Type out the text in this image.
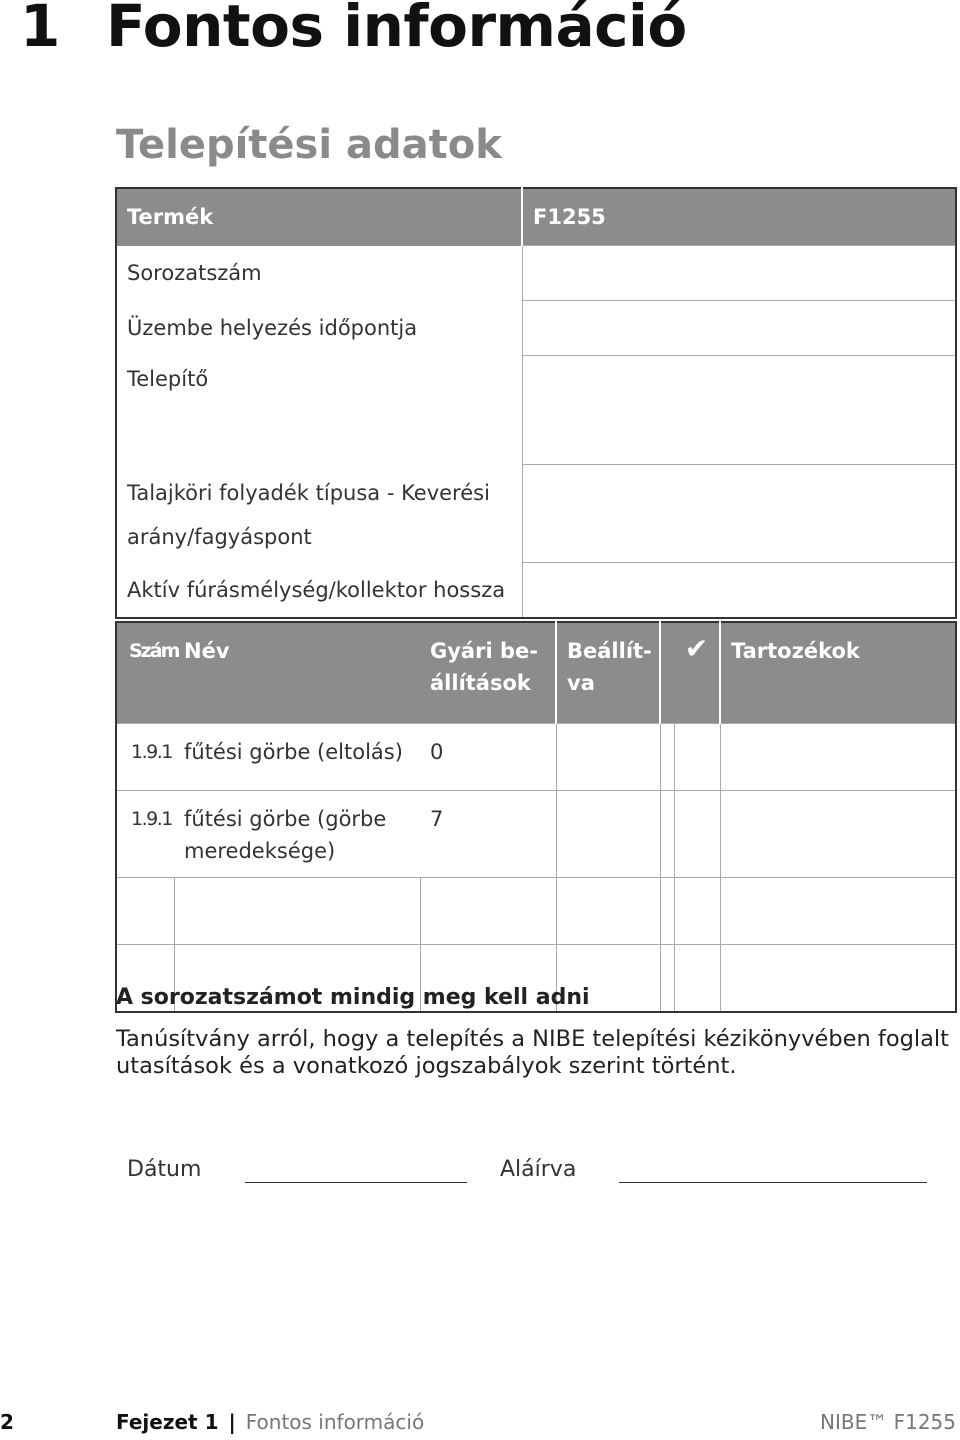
1 Fontos információ
Telepítési adatok
Termék	F1255
Sorozatszám	
Üzembe helyezés időpontja	
Telepítő	
Talajköri folyadék típusa - Keverési arány/fagyáspont	
Aktív fúrásmélység/kollektor hossza	
Szám	Név	Gyári be-állítások	Beállít-va		✔	Tartozékok
1.9.1	fűtési görbe (eltolás)	0				
1.9.1	fűtési görbe (görbe meredeksége)	7				

A sorozatszámot mindig meg kell adni

Tanúsítvány arról, hogy a telepítés a NIBE telepítési kézikönyvében foglalt utasítások és a vonatkozó jogszabályok szerint történt.

Dátum	Aláírva
2	Fejezet 1 | Fontos információ	NIBE™ F1255
